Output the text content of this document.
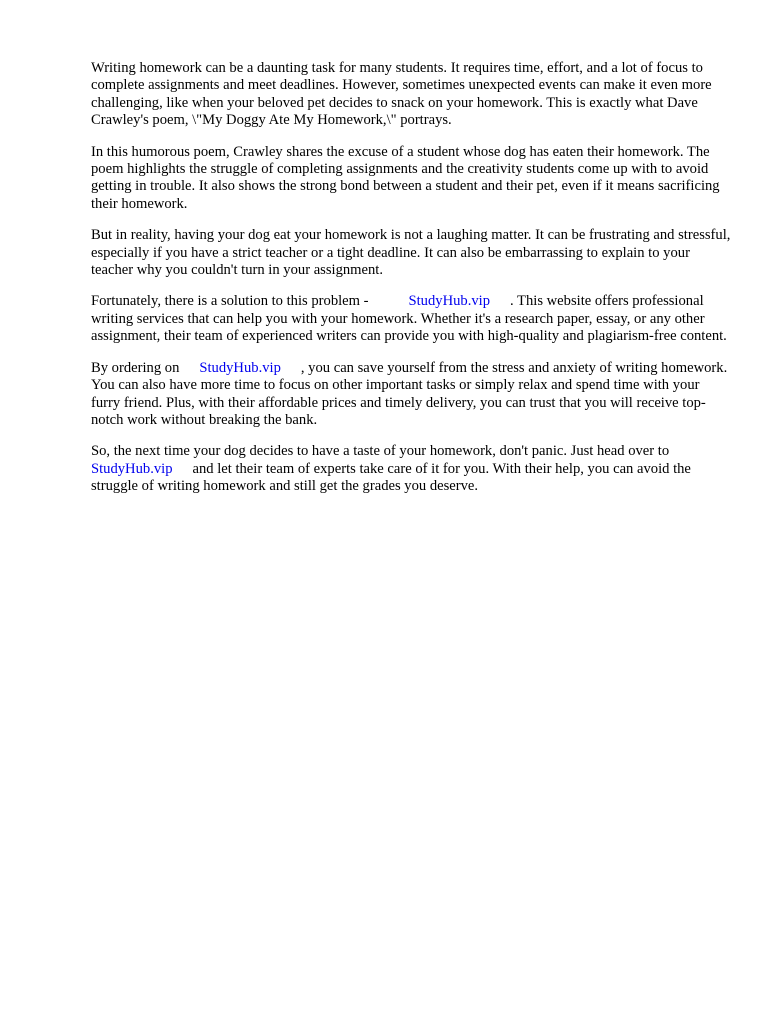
Writing homework can be a daunting task for many students. It requires time, effort, and a lot of focus to complete assignments and meet deadlines. However, sometimes unexpected events can make it even more challenging, like when your beloved pet decides to snack on your homework. This is exactly what Dave Crawley's poem, \"My Doggy Ate My Homework,\" portrays.

In this humorous poem, Crawley shares the excuse of a student whose dog has eaten their homework. The poem highlights the struggle of completing assignments and the creativity students come up with to avoid getting in trouble. It also shows the strong bond between a student and their pet, even if it means sacrificing their homework.

But in reality, having your dog eat your homework is not a laughing matter. It can be frustrating and stressful, especially if you have a strict teacher or a tight deadline. It can also be embarrassing to explain to your teacher why you couldn't turn in your assignment.

Fortunately, there is a solution to this problem -	StudyHub.vip . This website offers professional writing services that can help you with your homework. Whether it's a research paper, essay, or any other assignment, their team of experienced writers can provide you with high-quality and plagiarism-free content.

By ordering on StudyHub.vip , you can save yourself from the stress and anxiety of writing homework. You can also have more time to focus on other important tasks or simply relax and spend time with your furry friend. Plus, with their affordable prices and timely delivery, you can trust that you will receive top-notch work without breaking the bank.

So, the next time your dog decides to have a taste of your homework, don't panic. Just head over toStudyHub.vip and let their team of experts take care of it for you. With their help, you can avoid the struggle of writing homework and still get the grades you deserve.
